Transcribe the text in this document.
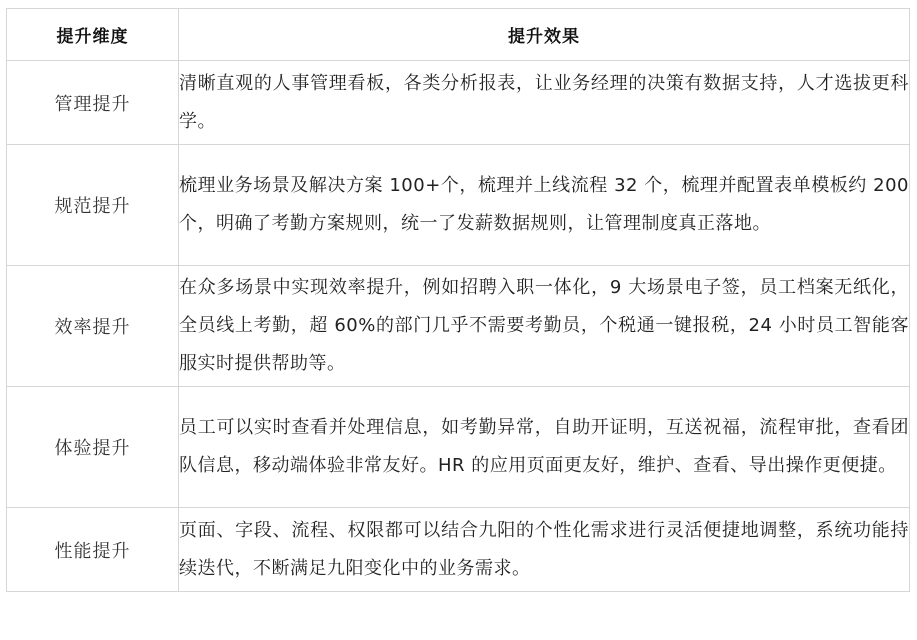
提升维度	提升效果
管理提升	清晰直观的人事管理看板，各类分析报表，让业务经理的决策有数据支持，人才选拔更科学。
规范提升	梳理业务场景及解决方案 100+个，梳理并上线流程 32 个，梳理并配置表单模板约 200 个，明确了考勤方案规则，统一了发薪数据规则，让管理制度真正落地。
效率提升	在众多场景中实现效率提升，例如招聘入职一体化，9 大场景电子签，员工档案无纸化，全员线上考勤，超 60%的部门几乎不需要考勤员，个税通一键报税，24 小时员工智能客服实时提供帮助等。
体验提升	员工可以实时查看并处理信息，如考勤异常，自助开证明，互送祝福，流程审批，查看团队信息，移动端体验非常友好。HR 的应用页面更友好，维护、查看、导出操作更便捷。
性能提升	页面、字段、流程、权限都可以结合九阳的个性化需求进行灵活便捷地调整，系统功能持续迭代，不断满足九阳变化中的业务需求。
